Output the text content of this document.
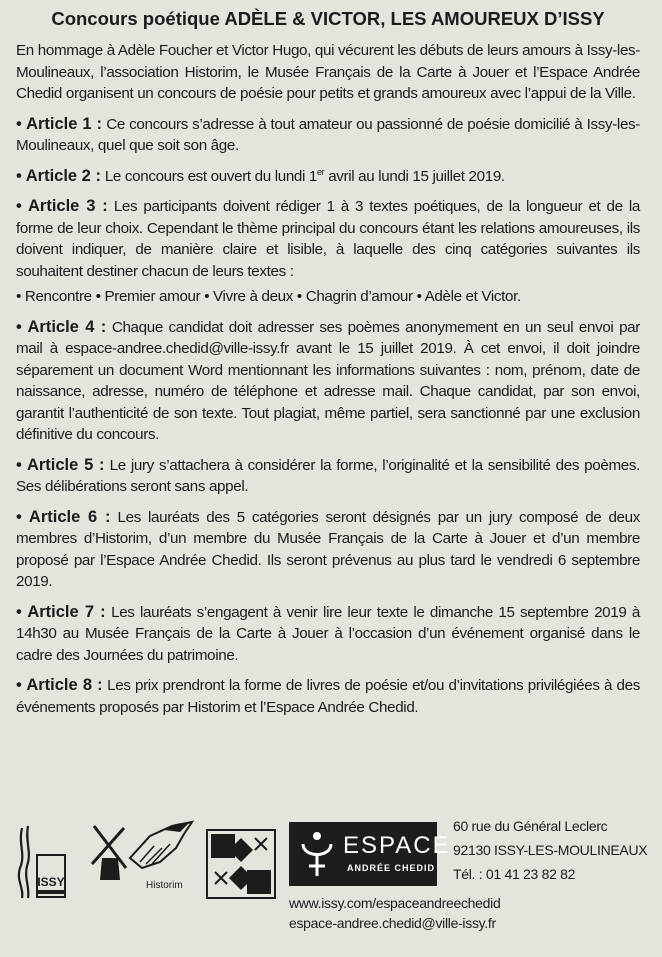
Concours poétique ADÈLE & VICTOR, LES AMOUREUX D’ISSY

En hommage à Adèle Foucher et Victor Hugo, qui vécurent les débuts de leurs amours à Issy-les-Moulineaux, l’association Historim, le Musée Français de la Carte à Jouer et l’Espace Andrée Chedid organisent un concours de poésie pour petits et grands amoureux avec l’appui de la Ville.

• Article 1 : Ce concours s’adresse à tout amateur ou passionné de poésie domicilié à Issy-les-Moulineaux, quel que soit son âge.

• Article 2 : Le concours est ouvert du lundi 1er avril au lundi 15 juillet 2019.

• Article 3 : Les participants doivent rédiger 1 à 3 textes poétiques, de la longueur et de la forme de leur choix. Cependant le thème principal du concours étant les relations amoureuses, ils doivent indiquer, de manière claire et lisible, à laquelle des cinq catégories suivantes ils souhaitent destiner chacun de leurs textes :

• Rencontre • Premier amour • Vivre à deux • Chagrin d’amour • Adèle et Victor.

• Article 4 : Chaque candidat doit adresser ses poèmes anonymement en un seul envoi par mail à espace-andree.chedid@ville-issy.fr avant le 15 juillet 2019. À cet envoi, il doit joindre séparement un document Word mentionnant les informations suivantes : nom, prénom, date de naissance, adresse, numéro de téléphone et adresse mail. Chaque candidat, par son envoi, garantit l’authenticité de son texte. Tout plagiat, même partiel, sera sanctionné par une exclusion définitive du concours.

• Article 5 : Le jury s’attachera à considérer la forme, l’originalité et la sensibilité des poèmes. Ses délibérations seront sans appel.

• Article 6 : Les lauréats des 5 catégories seront désignés par un jury composé de deux membres d’Historim, d’un membre du Musée Français de la Carte à Jouer et d’un membre proposé par l’Espace Andrée Chedid. Ils seront prévenus au plus tard le vendredi 6 septembre 2019.

• Article 7 : Les lauréats s’engagent à venir lire leur texte le dimanche 15 septembre 2019 à 14h30 au Musée Français de la Carte à Jouer à l’occasion d’un événement organisé dans le cadre des Journées du patrimoine.

• Article 8 : Les prix prendront la forme de livres de poésie et/ou d’invitations privilégiées à des événements proposés par Historim et l’Espace Andrée Chedid.

ISSY	Historim
ESPACE
ANDRÉE CHEDID
60 rue du Général Leclerc
92130 ISSY-LES-MOULINEAUX
Tél. : 01 41 23 82 82
www.issy.com/espaceandreechedid
espace-andree.chedid@ville-issy.fr
